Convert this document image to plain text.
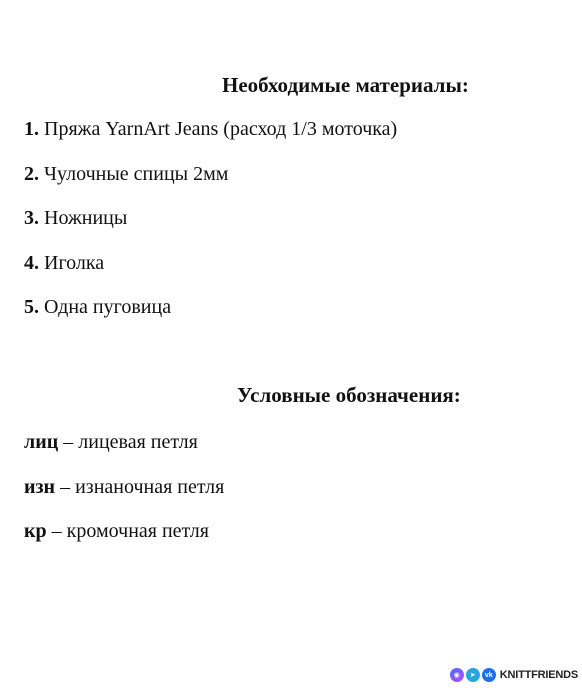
Необходимые материалы:
1. Пряжа YarnArt Jeans (расход 1/3 моточка)
2. Чулочные спицы 2мм
3. Ножницы
4. Иголка
5. Одна пуговица
Условные обозначения:
лиц – лицевая петля
изн – изнаночная петля
кр – кромочная петля
◉	➤	vk KNITTFRIENDS
